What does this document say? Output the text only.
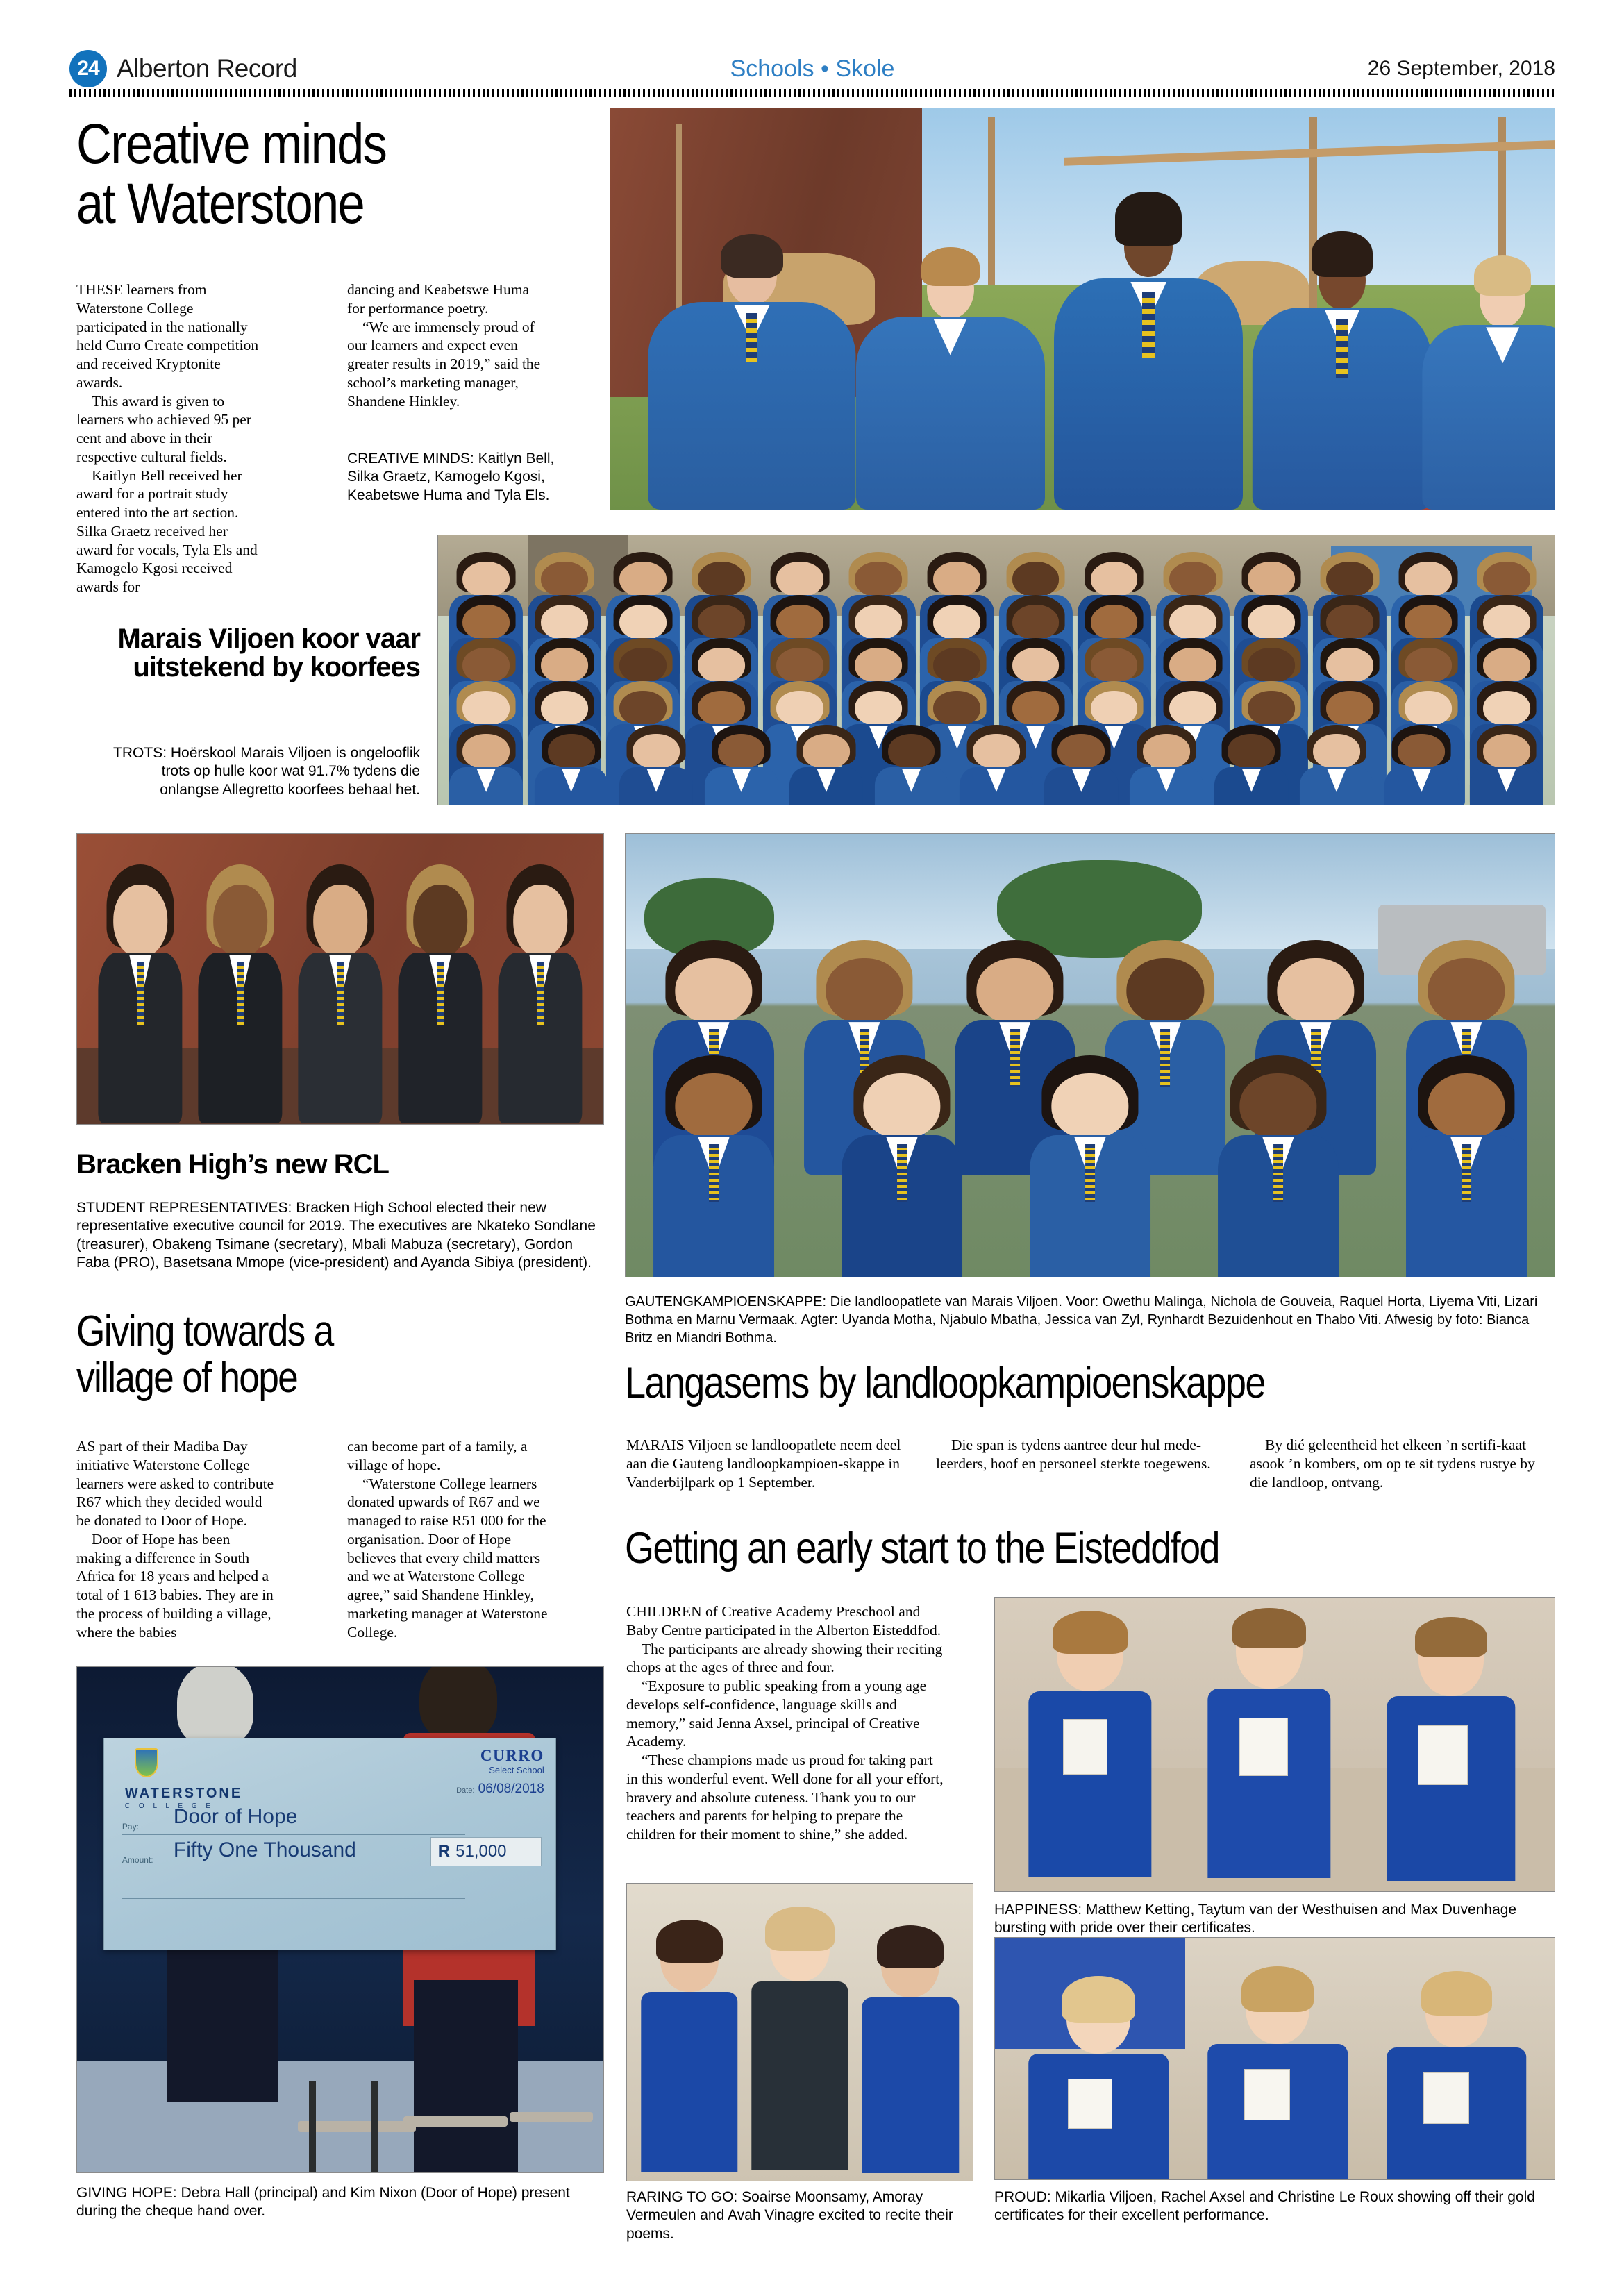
24 Alberton Record	Schools • Skole	26 September, 2018
Creative minds
at Waterstone

THESE learners from Waterstone College participated in the nationally held Curro Create competition and received Kryptonite awards.

This award is given to learners who achieved 95 per cent and above in their respective cultural fields.

Kaitlyn Bell received her award for a portrait study entered into the art section. Silka Graetz received her award for vocals, Tyla Els and Kamogelo Kgosi received awards for

dancing and Keabetswe Huma for performance poetry.

“We are immensely proud of our learners and expect even greater results in 2019,” said the school’s marketing manager, Shandene Hinkley.

CREATIVE MINDS: Kaitlyn Bell, Silka Graetz, Kamogelo Kgosi, Keabetswe Huma and Tyla Els.
Marais Viljoen koor vaar uitstekend by koorfees
TROTS: Hoërskool Marais Viljoen is ongelooflik trots op hulle koor wat 91.7% tydens die onlangse Allegretto koorfees behaal het.
Bracken High’s new RCL
STUDENT REPRESENTATIVES: Bracken High School elected their new representative executive council for 2019. The executives are Nkateko Sondlane (treasurer), Obakeng Tsimane (secretary), Mbali Mabuza (secretary), Gordon Faba (PRO), Basetsana Mmope (vice-president) and Ayanda Sibiya (president).
Giving towards a
village of hope

AS part of their Madiba Day initiative Waterstone College learners were asked to contribute R67 which they decided would be donated to Door of Hope.

Door of Hope has been making a difference in South Africa for 18 years and helped a total of 1 613 babies. They are in the process of building a village, where the babies

can become part of a family, a village of hope.

“Waterstone College learners donated upwards of R67 and we managed to raise R51 000 for the organisation. Door of Hope believes that every child matters and we at Waterstone College agree,” said Shandene Hinkley, marketing manager at Waterstone College.

WATERSTONE
C O L L E G E
CURRO
Select School
Date: 06/08/2018
Pay: Door of Hope
Amount: Fifty One Thousand	R 51,000
GIVING HOPE: Debra Hall (principal) and Kim Nixon (Door of Hope) present during the cheque hand over.
GAUTENGKAMPIOENSKAPPE: Die landloopatlete van Marais Viljoen. Voor: Owethu Malinga, Nichola de Gouveia, Raquel Horta, Liyema Viti, Lizari Bothma en Marnu Vermaak. Agter: Uyanda Motha, Njabulo Mbatha, Jessica van Zyl, Rynhardt Bezuidenhout en Thabo Viti. Afwesig by foto: Bianca Britz en Miandri Bothma.
Langasems by landloopkampioenskappe

MARAIS Viljoen se landloopatlete neem deel aan die Gauteng landloopkampioen-skappe in Vanderbijlpark op 1 September.

Die span is tydens aantree deur hul mede-leerders, hoof en personeel sterkte toegewens.

By dié geleentheid het elkeen ’n sertifi-kaat asook ’n kombers, om op te sit tydens rustye by die landloop, ontvang.

Getting an early start to the Eisteddfod

CHILDREN of Creative Academy Preschool and Baby Centre participated in the Alberton Eisteddfod.

The participants are already showing their reciting chops at the ages of three and four.

“Exposure to public speaking from a young age develops self-confidence, language skills and memory,” said Jenna Axsel, principal of Creative Academy.

“These champions made us proud for taking part in this wonderful event. Well done for all your effort, bravery and absolute cuteness. Thank you to our teachers and parents for helping to prepare the children for their moment to shine,” she added.

HAPPINESS: Matthew Ketting, Taytum van der Westhuisen and Max Duvenhage bursting with pride over their certificates.
RARING TO GO: Soairse Moonsamy, Amoray Vermeulen and Avah Vinagre excited to recite their poems.
PROUD: Mikarlia Viljoen, Rachel Axsel and Christine Le Roux showing off their gold certificates for their excellent performance.
